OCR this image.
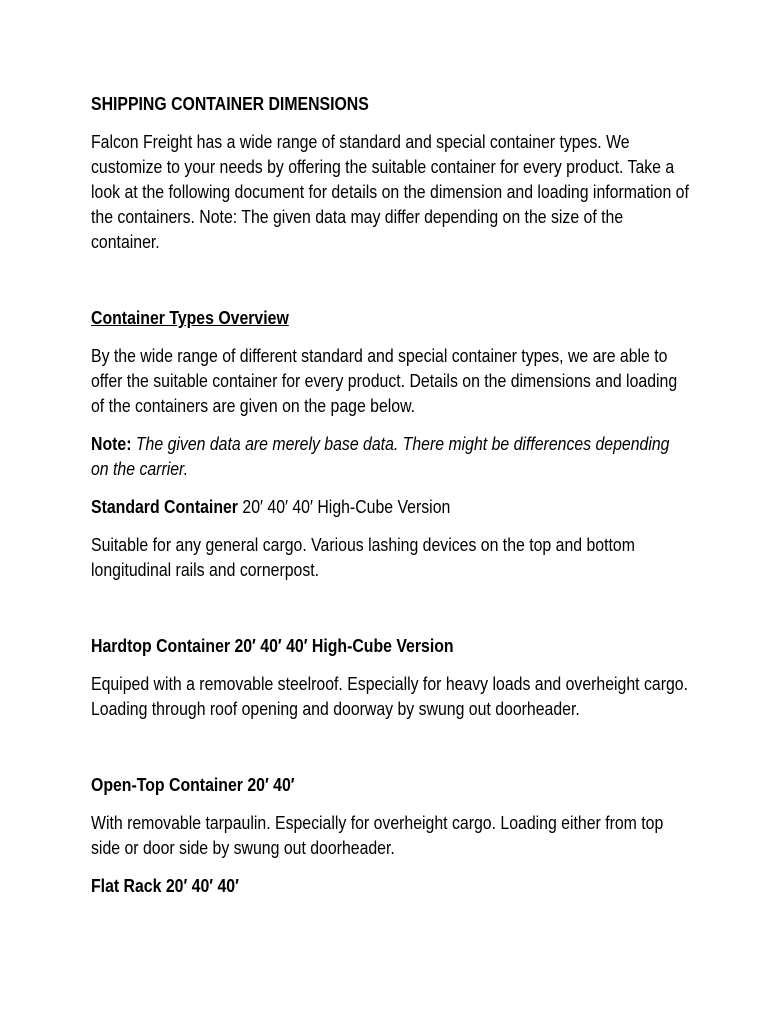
SHIPPING CONTAINER DIMENSIONS

Falcon Freight has a wide range of standard and special container types. We customize to your needs by offering the suitable container for every product. Take a look at the following document for details on the dimension and loading information of the containers. Note: The given data may differ depending on the size of the container.

Container Types Overview

By the wide range of different standard and special container types, we are able to offer the suitable container for every product. Details on the dimensions and loading of the containers are given on the page below.

Note: The given data are merely base data. There might be differences depending on the carrier.

Standard Container 20′ 40′ 40′ High-Cube Version

Suitable for any general cargo. Various lashing devices on the top and bottom longitudinal rails and cornerpost.

Hardtop Container 20′ 40′ 40′ High-Cube Version

Equiped with a removable steelroof. Especially for heavy loads and overheight cargo. Loading through roof opening and doorway by swung out doorheader.

Open-Top Container 20′ 40′

With removable tarpaulin. Especially for overheight cargo. Loading either from top side or door side by swung out doorheader.

Flat Rack 20′ 40′ 40′
